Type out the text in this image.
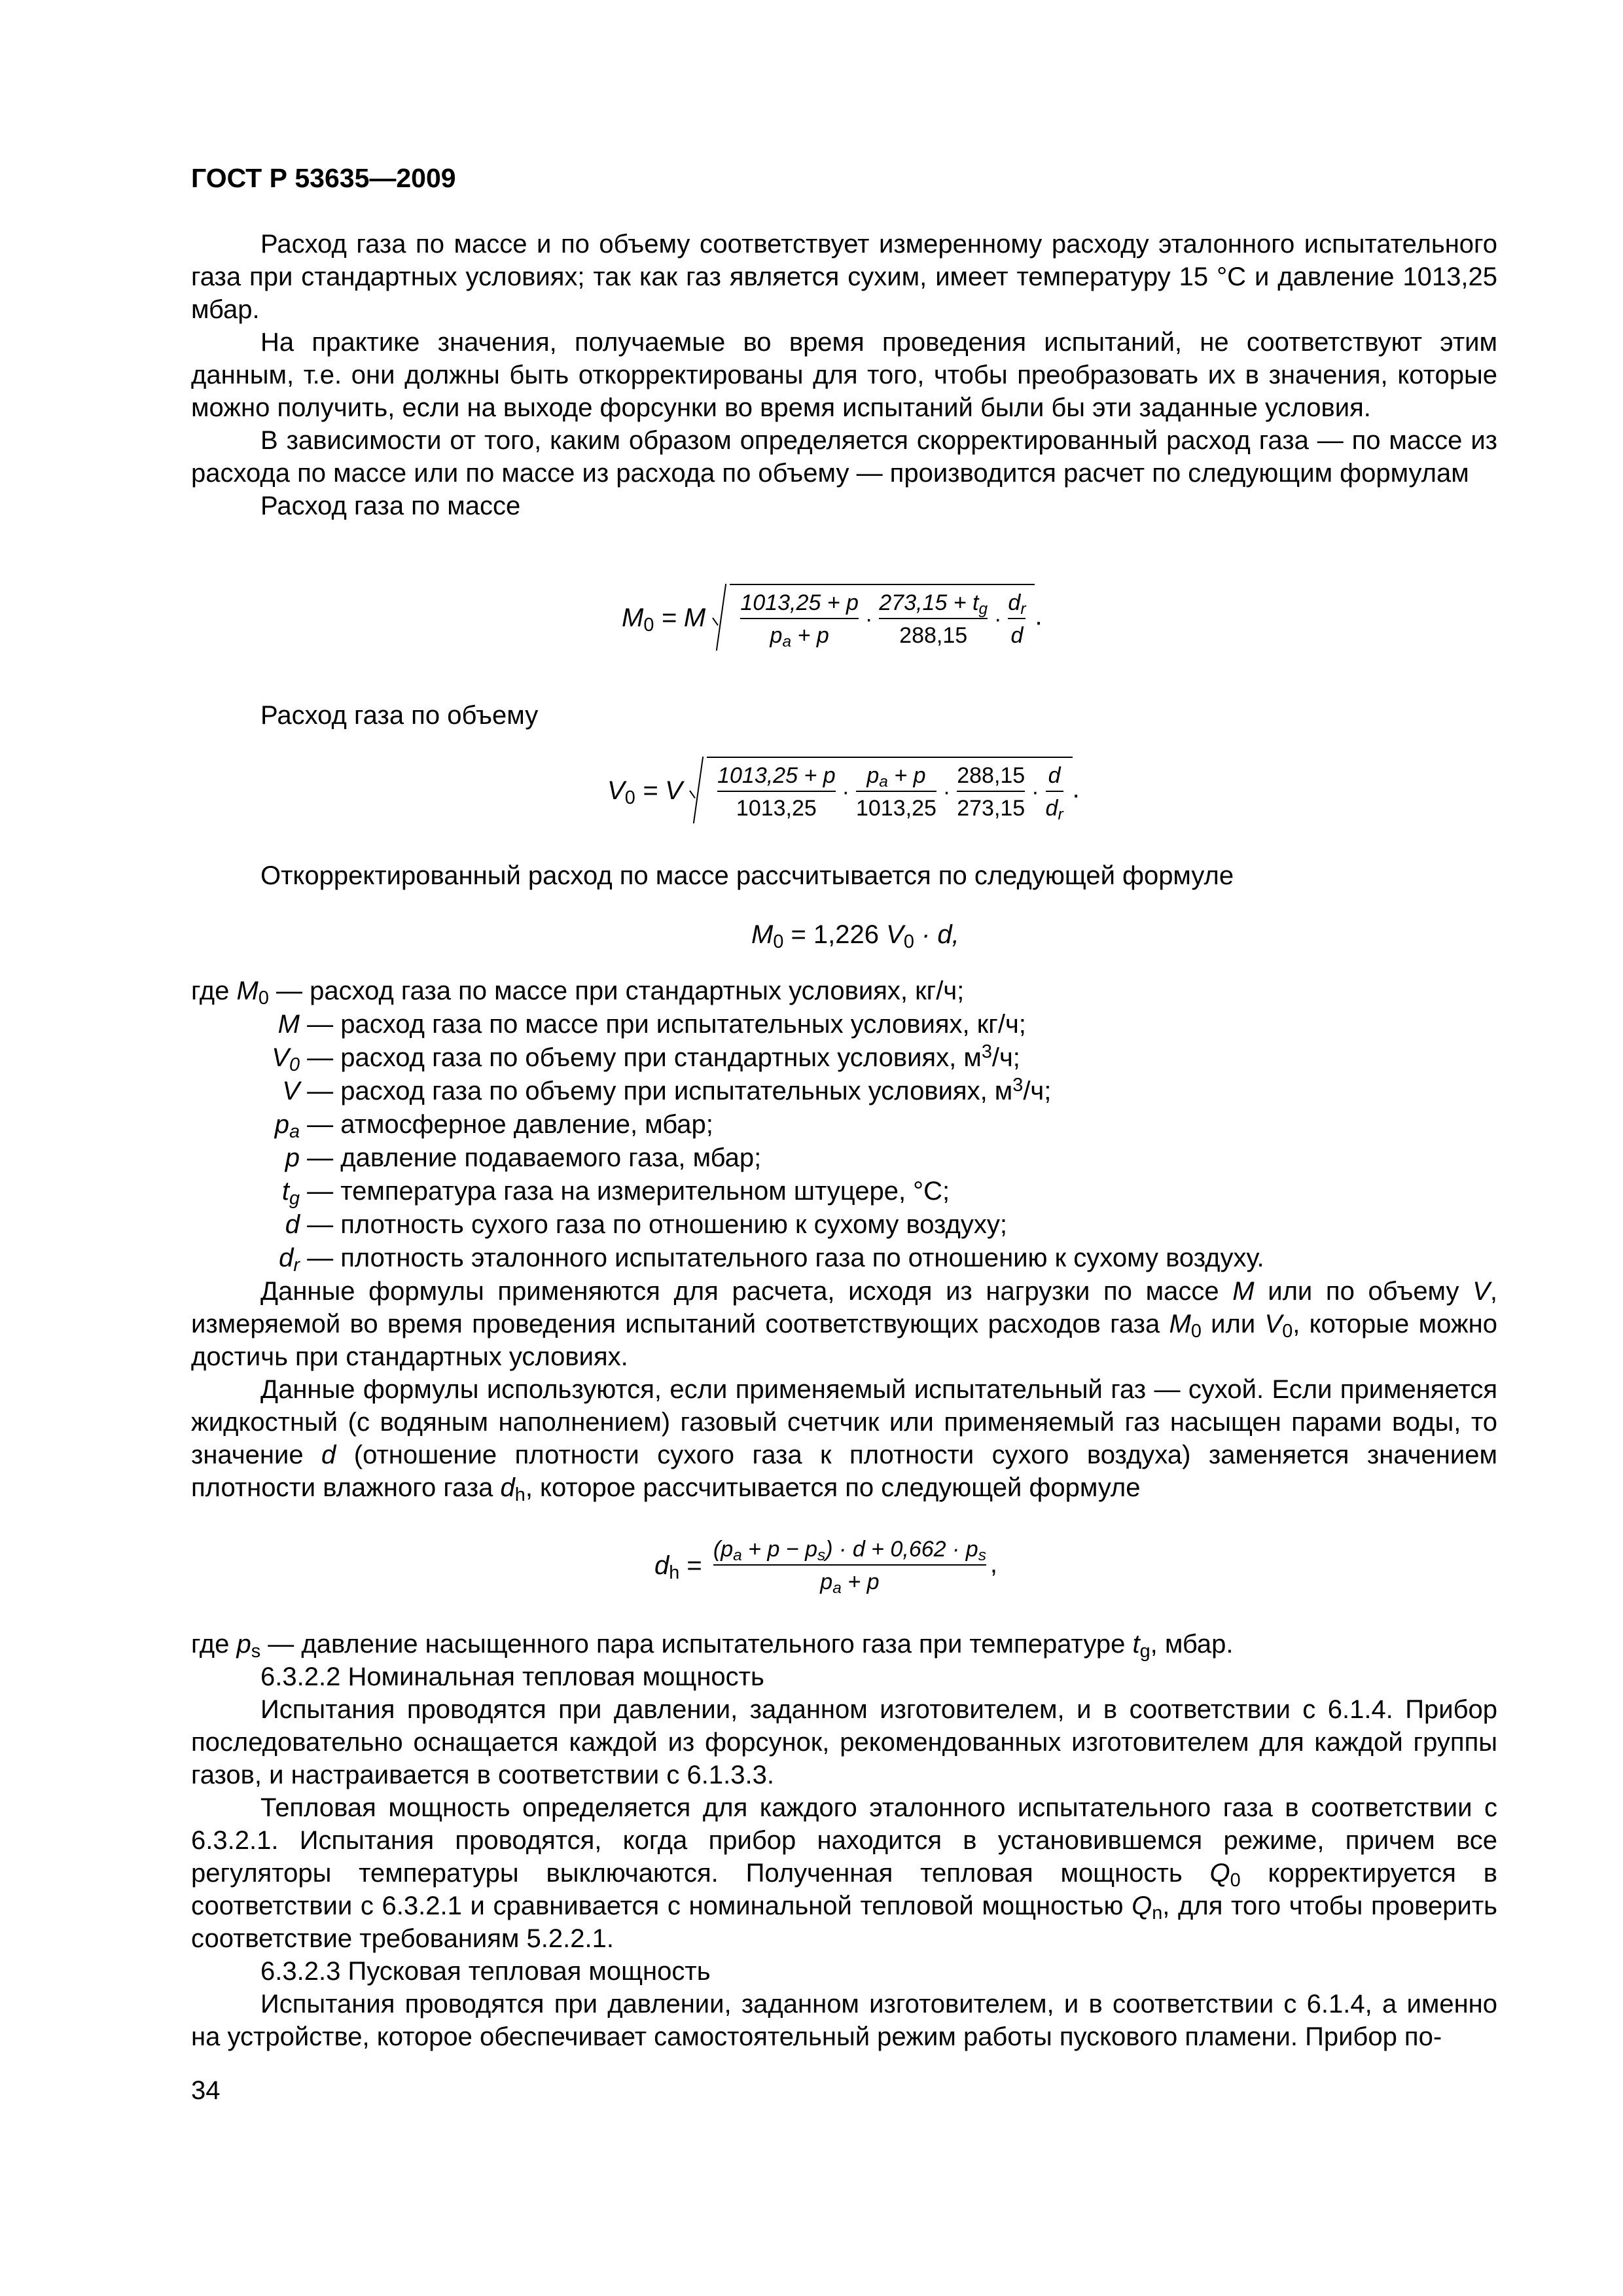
ГОСТ Р 53635—2009

Расход газа по массе и по объему соответствует измеренному расходу эталонного испытательного газа при стандартных условиях; так как газ является сухим, имеет температуру 15 °С и давление 1013,25 мбар.

На практике значения, получаемые во время проведения испытаний, не соответствуют этим данным, т.е. они должны быть откорректированы для того, чтобы преобразовать их в значения, которые можно получить, если на выходе форсунки во время испытаний были бы эти заданные условия.

В зависимости от того, каким образом определяется скорректированный расход газа — по массе из расхода по массе или по массе из расхода по объему — производится расчет по следующим формулам

Расход газа по массе

$M_0 = M \frac{1013,25 + p}{p_a + p} \cdot \frac{273,15 + t_g}{288,15} \cdot \frac{d_r}{d}$ .

Расход газа по объему

$V_0 = V \frac{1013,25 + p}{1013,25} \cdot \frac{p_a + p}{1013,25} \cdot \frac{288,15}{273,15} \cdot \frac{d}{d_r}$ .

Откорректированный расход по массе рассчитывается по следующей формуле

$M_0 = 1,226$ $V_0 \cdot d$,
где $M_0$ — расход газа по массе при стандартных условиях, кг/ч;
M — расход газа по массе при испытательных условиях, кг/ч;
$V_0$ — расход газа по объему при стандартных условиях, $м^3/ч$;
V — расход газа по объему при испытательных условиях, $м^3/ч$;
$p_a$ — атмосферное давление, мбар;
p — давление подаваемого газа, мбар;
$t_g$ — температура газа на измерительном штуцере, °С;
d — плотность сухого газа по отношению к сухому воздуху;
$d_r$ — плотность эталонного испытательного газа по отношению к сухому воздуху.

Данные формулы применяются для расчета, исходя из нагрузки по массе M или по объему V, измеряемой во время проведения испытаний соответствующих расходов газа $M_0$ или $V_0$, которые можно достичь при стандартных условиях.

Данные формулы используются, если применяемый испытательный газ — сухой. Если применяется жидкостный (с водяным наполнением) газовый счетчик или применяемый газ насыщен парами воды, то значение d (отношение плотности сухого газа к плотности сухого воздуха) заменяется значением плотности влажного газа $d_h$, которое рассчитывается по следующей формуле

$d_h = \frac{(p_a + p - p_s) \cdot d + 0,662 \cdot p_s}{p_a + p}$ ,

где $p_s$ — давление насыщенного пара испытательного газа при температуре $t_g$, мбар.

6.3.2.2 Номинальная тепловая мощность

Испытания проводятся при давлении, заданном изготовителем, и в соответствии с 6.1.4. Прибор последовательно оснащается каждой из форсунок, рекомендованных изготовителем для каждой группы газов, и настраивается в соответствии с 6.1.3.3.

Тепловая мощность определяется для каждого эталонного испытательного газа в соответствии с 6.3.2.1. Испытания проводятся, когда прибор находится в установившемся режиме, причем все регуляторы температуры выключаются. Полученная тепловая мощность $Q_0$ корректируется в соответствии с 6.3.2.1 и сравнивается с номинальной тепловой мощностью $Q_n$, для того чтобы проверить соответствие требованиям 5.2.2.1.

6.3.2.3 Пусковая тепловая мощность

Испытания проводятся при давлении, заданном изготовителем, и в соответствии с 6.1.4, а именно на устройстве, которое обеспечивает самостоятельный режим работы пускового пламени. Прибор по-

34
